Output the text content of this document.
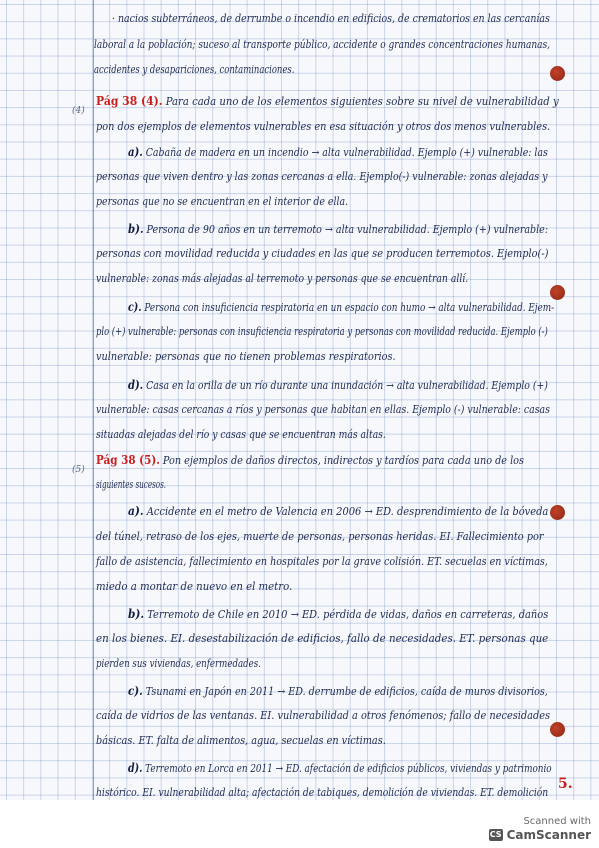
(4)
(5)
· nacios subterráneos, de derrumbe o incendio en edificios, de crematorios en las cercanías
laboral a la población; suceso al transporte público, accidente o grandes concentraciones humanas,
accidentes y desapariciones, contaminaciones.
Pág 38 (4). Para cada uno de los elementos siguientes sobre su nivel de vulnerabilidad y
pon dos ejemplos de elementos vulnerables en esa situación y otros dos menos vulnerables.
a). Cabaña de madera en un incendio → alta vulnerabilidad. Ejemplo (+) vulnerable: las
personas que viven dentro y las zonas cercanas a ella. Ejemplo(-) vulnerable: zonas alejadas y
personas que no se encuentran en el interior de ella.
b). Persona de 90 años en un terremoto → alta vulnerabilidad. Ejemplo (+) vulnerable:
personas con movilidad reducida y ciudades en las que se producen terremotos. Ejemplo(-)
vulnerable: zonas más alejadas al terremoto y personas que se encuentran allí.
c). Persona con insuficiencia respiratoria en un espacio con humo → alta vulnerabilidad. Ejem-
plo (+) vulnerable: personas con insuficiencia respiratoria y personas con movilidad reducida. Ejemplo (-)
vulnerable: personas que no tienen problemas respiratorios.
d). Casa en la orilla de un río durante una inundación → alta vulnerabilidad. Ejemplo (+)
vulnerable: casas cercanas a ríos y personas que habitan en ellas. Ejemplo (-) vulnerable: casas
situadas alejadas del río y casas que se encuentran más altas.
Pág 38 (5). Pon ejemplos de daños directos, indirectos y tardíos para cada uno de los
siguientes sucesos.
a). Accidente en el metro de Valencia en 2006 → ED. desprendimiento de la bóveda
del túnel, retraso de los ejes, muerte de personas, personas heridas. EI. Fallecimiento por
fallo de asistencia, fallecimiento en hospitales por la grave colisión. ET. secuelas en víctimas,
miedo a montar de nuevo en el metro.
b). Terremoto de Chile en 2010 → ED. pérdida de vidas, daños en carreteras, daños
en los bienes. EI. desestabilización de edificios, fallo de necesidades. ET. personas que
pierden sus viviendas, enfermedades.
c). Tsunami en Japón en 2011 → ED. derrumbe de edificios, caída de muros divisorios,
caída de vidrios de las ventanas. EI. vulnerabilidad a otros fenómenos; fallo de necesidades
básicas. ET. falta de alimentos, agua, secuelas en víctimas.
d). Terremoto en Lorca en 2011 → ED. afectación de edificios públicos, viviendas y patrimonio
histórico. EI. vulnerabilidad alta; afectación de tabiques, demolición de viviendas. ET. demolición
5.
Scanned with
CS CamScanner
